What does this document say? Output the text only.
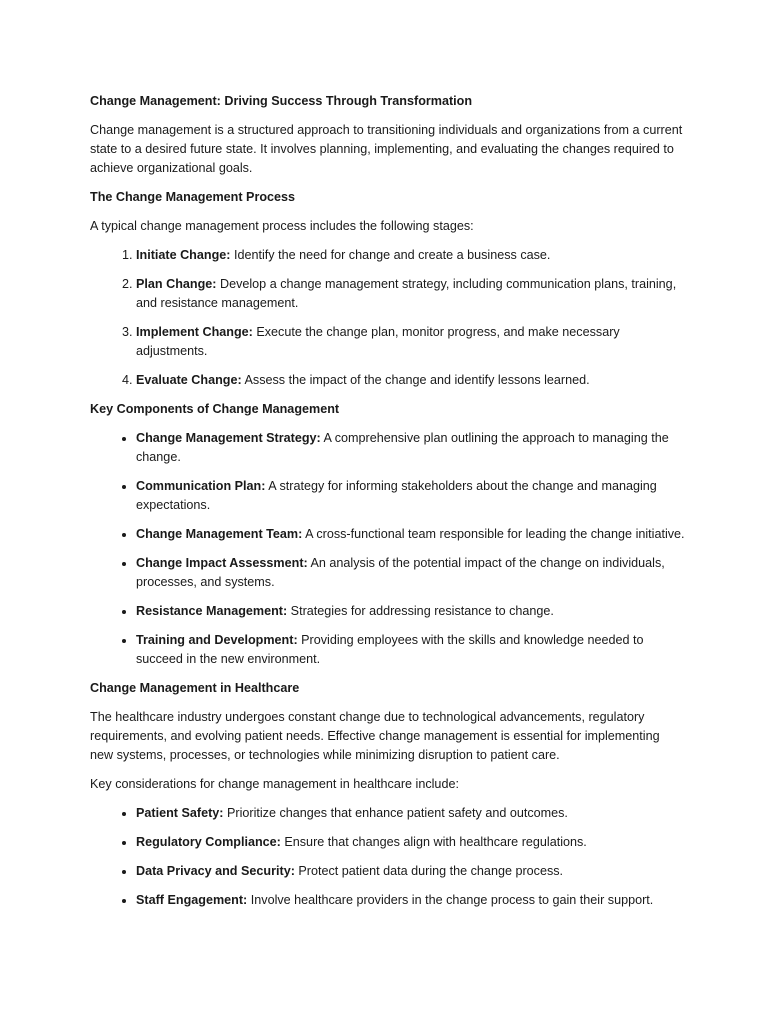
Change Management: Driving Success Through Transformation

Change management is a structured approach to transitioning individuals and organizations from a current state to a desired future state. It involves planning, implementing, and evaluating the changes required to achieve organizational goals.

The Change Management Process

A typical change management process includes the following stages:

1. Initiate Change: Identify the need for change and create a business case.
2. Plan Change: Develop a change management strategy, including communication plans, training, and resistance management.
3. Implement Change: Execute the change plan, monitor progress, and make necessary adjustments.
4. Evaluate Change: Assess the impact of the change and identify lessons learned.

Key Components of Change Management

• Change Management Strategy: A comprehensive plan outlining the approach to managing the change.
• Communication Plan: A strategy for informing stakeholders about the change and managing expectations.
• Change Management Team: A cross-functional team responsible for leading the change initiative.
• Change Impact Assessment: An analysis of the potential impact of the change on individuals, processes, and systems.
• Resistance Management: Strategies for addressing resistance to change.
• Training and Development: Providing employees with the skills and knowledge needed to succeed in the new environment.

Change Management in Healthcare

The healthcare industry undergoes constant change due to technological advancements, regulatory requirements, and evolving patient needs. Effective change management is essential for implementing new systems, processes, or technologies while minimizing disruption to patient care.

Key considerations for change management in healthcare include:

• Patient Safety: Prioritize changes that enhance patient safety and outcomes.
• Regulatory Compliance: Ensure that changes align with healthcare regulations.
• Data Privacy and Security: Protect patient data during the change process.
• Staff Engagement: Involve healthcare providers in the change process to gain their support.
